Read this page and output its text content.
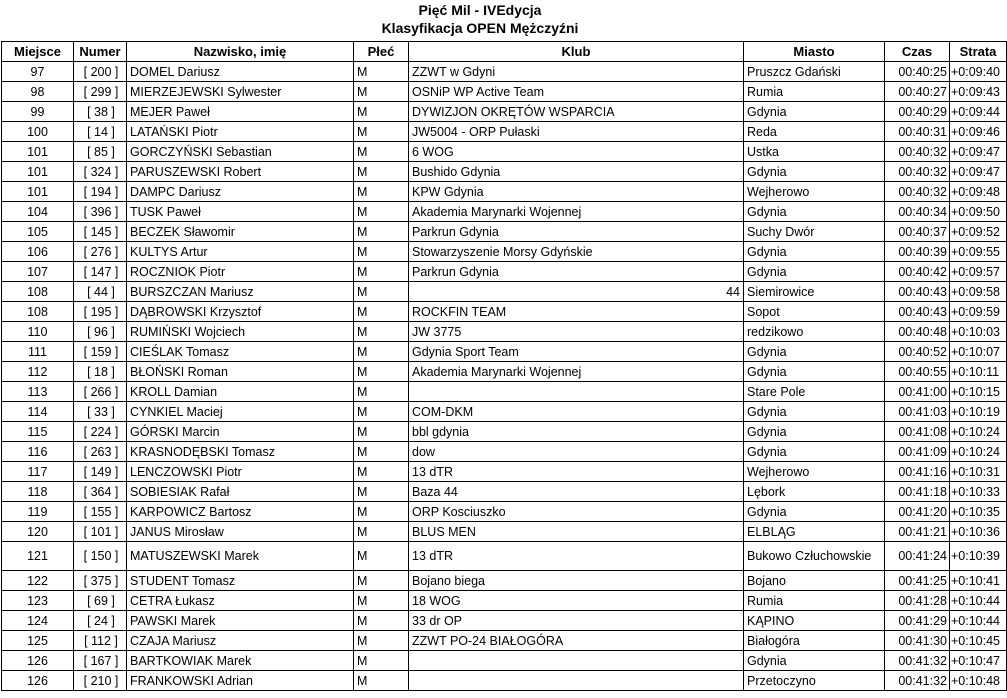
Pięć Mil - IVEdycja
Klasyfikacja OPEN Mężczyźni
Miejsce	Numer	Nazwisko, imię	Płeć	Klub	Miasto	Czas	Strata
97	[ 200 ]	DOMEL Dariusz	M	ZZWT w Gdyni	Pruszcz Gdański	00:40:25	+0:09:40
98	[ 299 ]	MIERZEJEWSKI Sylwester	M	OSNiP WP Active Team	Rumia	00:40:27	+0:09:43
99	[ 38 ]	MEJER Paweł	M	DYWIZJON OKRĘTÓW WSPARCIA	Gdynia	00:40:29	+0:09:44
100	[ 14 ]	LATAŃSKI Piotr	M	JW5004 - ORP Pułaski	Reda	00:40:31	+0:09:46
101	[ 85 ]	GORCZYŃSKI Sebastian	M	6 WOG	Ustka	00:40:32	+0:09:47
101	[ 324 ]	PARUSZEWSKI Robert	M	Bushido Gdynia	Gdynia	00:40:32	+0:09:47
101	[ 194 ]	DAMPC Dariusz	M	KPW Gdynia	Wejherowo	00:40:32	+0:09:48
104	[ 396 ]	TUSK Paweł	M	Akademia Marynarki Wojennej	Gdynia	00:40:34	+0:09:50
105	[ 145 ]	BECZEK Sławomir	M	Parkrun Gdynia	Suchy Dwór	00:40:37	+0:09:52
106	[ 276 ]	KULTYS Artur	M	Stowarzyszenie Morsy Gdyńskie	Gdynia	00:40:39	+0:09:55
107	[ 147 ]	ROCZNIOK Piotr	M	Parkrun Gdynia	Gdynia	00:40:42	+0:09:57
108	[ 44 ]	BURSZCZAN Mariusz	M	44	Siemirowice	00:40:43	+0:09:58
108	[ 195 ]	DĄBROWSKI Krzysztof	M	ROCKFIN TEAM	Sopot	00:40:43	+0:09:59
110	[ 96 ]	RUMIŃSKI Wojciech	M	JW 3775	redzikowo	00:40:48	+0:10:03
111	[ 159 ]	CIEŚLAK Tomasz	M	Gdynia Sport Team	Gdynia	00:40:52	+0:10:07
112	[ 18 ]	BŁOŃSKI Roman	M	Akademia Marynarki Wojennej	Gdynia	00:40:55	+0:10:11
113	[ 266 ]	KROLL Damian	M		Stare Pole	00:41:00	+0:10:15
114	[ 33 ]	CYNKIEL Maciej	M	COM-DKM	Gdynia	00:41:03	+0:10:19
115	[ 224 ]	GÓRSKI Marcin	M	bbl gdynia	Gdynia	00:41:08	+0:10:24
116	[ 263 ]	KRASNODĘBSKI Tomasz	M	dow	Gdynia	00:41:09	+0:10:24
117	[ 149 ]	LENCZOWSKI Piotr	M	13 dTR	Wejherowo	00:41:16	+0:10:31
118	[ 364 ]	SOBIESIAK Rafał	M	Baza 44	Lębork	00:41:18	+0:10:33
119	[ 155 ]	KARPOWICZ Bartosz	M	ORP Kosciuszko	Gdynia	00:41:20	+0:10:35
120	[ 101 ]	JANUS Mirosław	M	BLUS MEN	ELBLĄG	00:41:21	+0:10:36
121	[ 150 ]	MATUSZEWSKI Marek	M	13 dTR	Bukowo Człuchowskie	00:41:24	+0:10:39
122	[ 375 ]	STUDENT Tomasz	M	Bojano biega	Bojano	00:41:25	+0:10:41
123	[ 69 ]	CETRA Łukasz	M	18 WOG	Rumia	00:41:28	+0:10:44
124	[ 24 ]	PAWSKI Marek	M	33 dr OP	KĄPINO	00:41:29	+0:10:44
125	[ 112 ]	CZAJA Mariusz	M	ZZWT PO-24 BIAŁOGÓRA	Białogóra	00:41:30	+0:10:45
126	[ 167 ]	BARTKOWIAK Marek	M		Gdynia	00:41:32	+0:10:47
126	[ 210 ]	FRANKOWSKI Adrian	M		Przetoczyno	00:41:32	+0:10:48
